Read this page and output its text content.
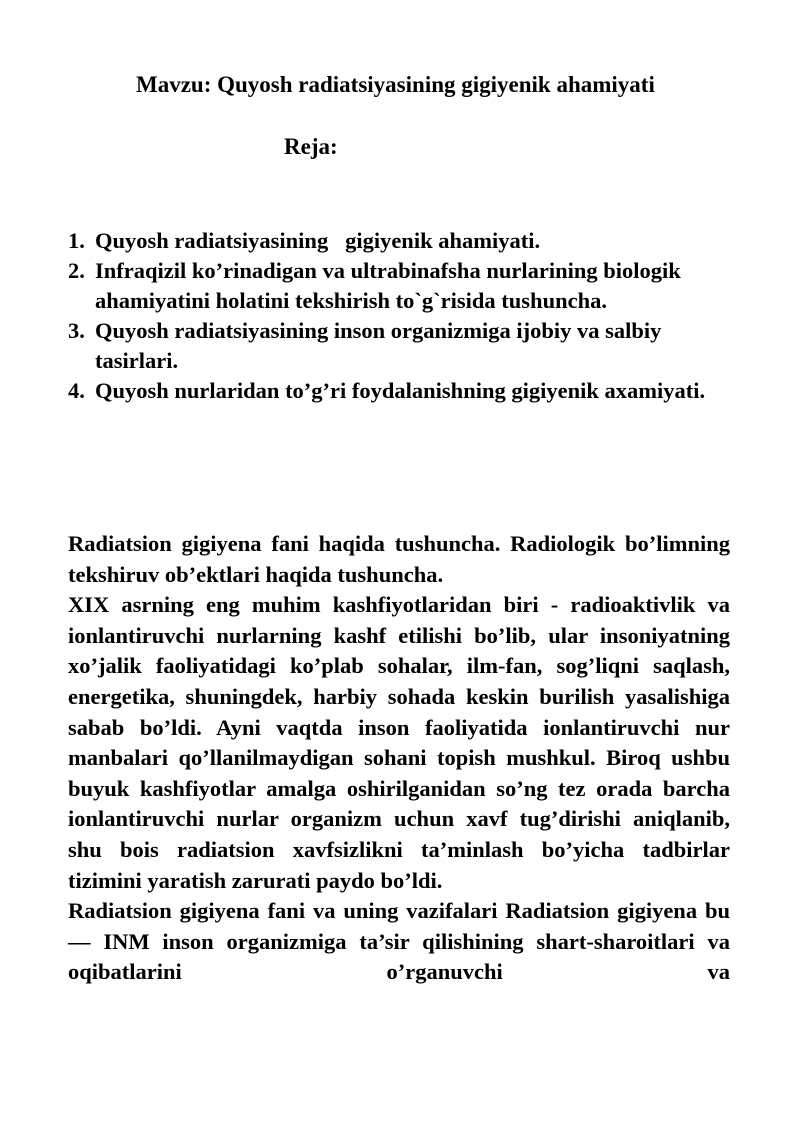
Mavzu: Quyosh radiatsiyasining gigiyenik ahamiyati
Reja:
1. Quyosh radiatsiyasining   gigiyenik ahamiyati.
2. Infraqizil ko’rinadigan va ultrabinafsha nurlarining biologik ahamiyatini holatini tekshirish to`g`risida tushuncha.
3. Quyosh radiatsiyasining inson organizmiga ijobiy va salbiy tasirlari.
4. Quyosh nurlaridan to’g’ri foydalanishning gigiyenik axamiyati.

Radiatsion gigiyena fani haqida tushuncha. Radiologik bo’limning tekshiruv ob’ektlari haqida tushuncha.

XIX asrning eng muhim kashfiyotlaridan biri - radioaktivlik va ionlantiruvchi nurlarning kashf etilishi bo’lib, ular insoniyatning xo’jalik faoliyatidagi ko’plab sohalar, ilm-fan, sog’liqni saqlash, energetika, shuningdek, harbiy sohada keskin burilish yasalishiga sabab bo’ldi. Ayni vaqtda inson faoliyatida ionlantiruvchi nur manbalari qo’llanilmaydigan sohani topish mushkul. Biroq ushbu buyuk kashfiyotlar amalga oshirilganidan so’ng tez orada barcha ionlantiruvchi nurlar organizm uchun xavf tug’dirishi aniqlanib, shu bois radiatsion xavfsizlikni ta’minlash bo’yicha tadbirlar tizimini yaratish zarurati paydo bo’ldi.

Radiatsion gigiyena fani va uning vazifalari Radiatsion gigiyena bu — INM inson organizmiga ta’sir qilishining shart-sharoitlari va oqibatlarini o’rganuvchi va
